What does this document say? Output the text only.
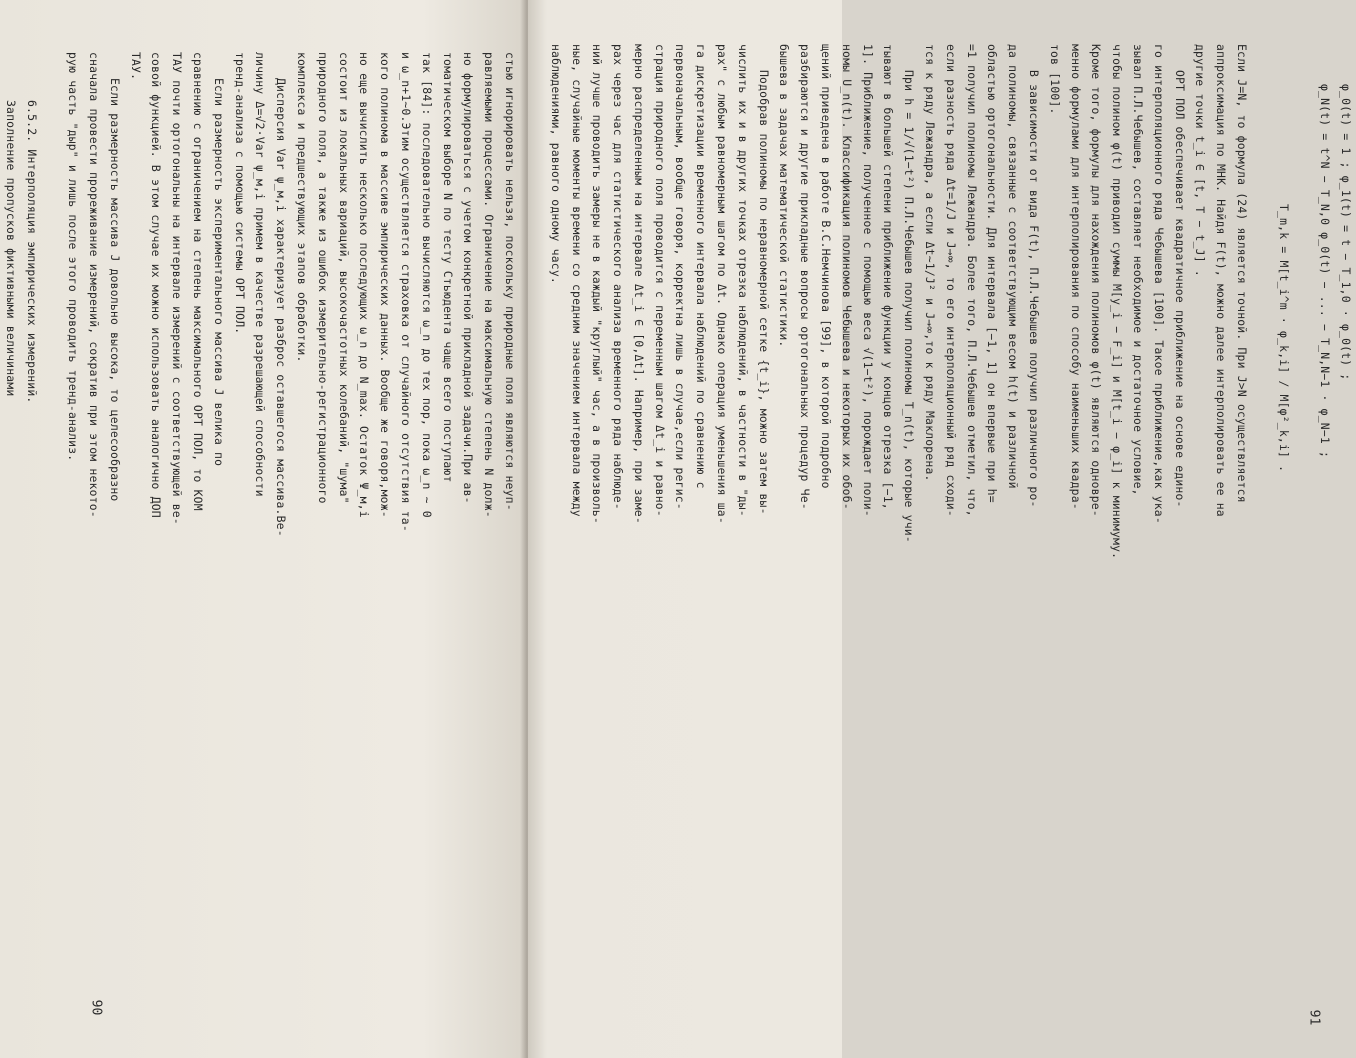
стью игнорировать нельзя, поскольку природные поля являются неуп-
равляемыми процессами. Ограничение на максимальную степень N долж-
но формулироваться с учетом конкретной прикладной задачи.При ав-
томатическом выборе N по тесту Стьюдента чаще всего поступают
так [84]: последовательно вычисляются ω_n до тех пор, пока ω_n ~ 0
и ω_n+1~0.Этим осуществляется страховка от случайного отсутствия та-
кого полинома в массиве эмпирических данных. Вообще же говоря,мож-
но еще вычислить несколько последующих ω_n до N_max. Остаток Ψ_м,i
состоит из локальных вариаций, высокочастотных колебаний, "шума"
природного поля, а также из ошибок измерительно-регистрационного
комплекса и предшествующих этапов обработки.
Дисперсия Var ψ_м,i характеризует разброс оставшегося массива.Ве-
личину Δ=√2·Var ψ_м,i примем в качестве разрешающей способности
тренд-анализа с помощью системы ОРТ ПОЛ.
Если размерность экспериментального массива J велика по
сравнению с ограничением на степень максимального ОРТ ПОЛ, то КОМ
ТАУ почти ортогональны на интервале измерений с соответствующей ве-
совой функцией. В этом случае их можно использовать аналогично ДОП
ТАУ.
Если размерность массива J довольно высока, то целесообразно
сначала провести прореживание измерений, сократив при этом некото-
рую часть "дыр" и лишь после этого проводить тренд-анализ.
6.5.2. Интерполяция эмпирических измерений.
Заполнение пропусков фиктивными величинами
90
φ_0(t) = 1 ; φ_1(t) = t − T_1,0 · φ_0(t) ;
φ_N(t) = t^N − T_N,0 φ_0(t) − ... − T_N,N−1 · φ_N−1 ;
T_m,k = M[t_i^m · φ_k,i] / M[φ²_k,i] .
Если J=N, то формула (24) является точной. При J>N осуществляется
аппроксимация по МНК. Найдя F(t), можно далее интерполировать ее на
другие точки t_i ∈ [t, T − t_J] .
ОРТ ПОЛ обеспечивает квадратичное приближение на основе едино-
го интерполяционного ряда Чебышева [100]. Такое приближение,как ука-
зывал П.Л.Чебышев, составляет необходимое и достаточное условие,
чтобы полином φ(t) приводил суммы M[y_i − F_i] и M[t_i − φ_i] к минимуму.
Кроме того, формулы для нахождения полиномов φ(t) являются одновре-
менно формулами для интерполирования по способу наименьших квадра-
тов [100].
В зависимости от вида F(t), П.Л.Чебышев получил различного ро-
да полиномы, связанные с соответствующим весом h(t) и различной
областью ортогональности. Для интервала [−1, 1] он впервые при h=
=1 получил полиномы Лежандра. Более того, П.Л.Чебышев отметил, что,
если разность ряда Δt=1/J и J→∞, то его интерполяционный ряд сходи-
тся к ряду Лежандра, а если Δt~1/J² и J→∞,то к ряду Маклорена.
При h = 1/√(1−t²) П.Л.Чебышев получил полиномы T_n(t), которые учи-
тывают в большей степени приближение функции у концов отрезка [−1,
1]. Приближение, полученное с помощью веса √(1−t²), порождает поли-
номы U_n(t). Классификация полиномов Чебышева и некоторых их обоб-
щений приведена в работе В.С.Немчинова [99], в которой подробно
разбираются и другие прикладные вопросы ортогональных процедур Че-
бышева в задачах математической статистики.
Подобрав полиномы по неравномерной сетке {t_i}, можно затем вы-
числить их и в других точках отрезка наблюдений, в частности в "ды-
рах" с любым равномерным шагом по Δt. Однако операция уменьшения ша-
га дискретизации временного интервала наблюдений по сравнению с
первоначальным, вообще говоря, корректна лишь в случае,если регис-
страция природного поля проводится с переменным шагом Δt_i и равно-
мерно распределенным на интервале Δt_i ∈ [0,Δt]. Например, при заме-
рах через час для статистического анализа временного ряда наблюде-
ний лучше проводить замеры не в каждый "круглый" час, а в произволь-
ные, случайные моменты времени со средним значением интервала между
наблюдениями, равного одному часу.
91
